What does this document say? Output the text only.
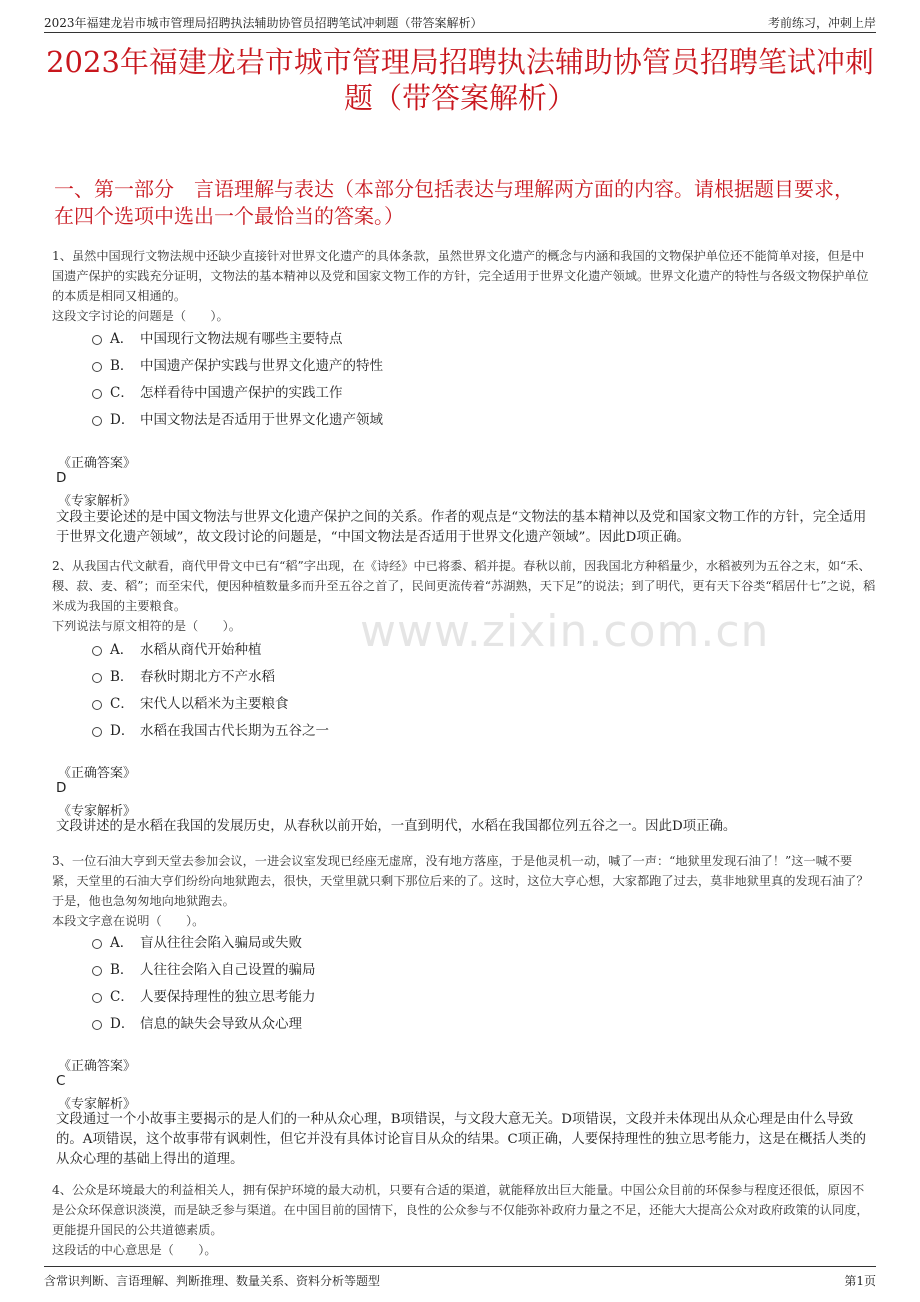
2023年福建龙岩市城市管理局招聘执法辅助协管员招聘笔试冲刺题（带答案解析）	考前练习，冲刺上岸
2023年福建龙岩市城市管理局招聘执法辅助协管员招聘笔试冲刺题（带答案解析）
一、第一部分　言语理解与表达（本部分包括表达与理解两方面的内容。请根据题目要求，在四个选项中选出一个最恰当的答案。）
www.zixin.com.cn

1、虽然中国现行文物法规中还缺少直接针对世界文化遗产的具体条款，虽然世界文化遗产的概念与内涵和我国的文物保护单位还不能简单对接，但是中国遗产保护的实践充分证明，文物法的基本精神以及党和国家文物工作的方针，完全适用于世界文化遗产领域。世界文化遗产的特性与各级文物保护单位的本质是相同又相通的。
这段文字讨论的问题是（　　）。

A． 中国现行文物法规有哪些主要特点
B． 中国遗产保护实践与世界文化遗产的特性
C． 怎样看待中国遗产保护的实践工作
D． 中国文物法是否适用于世界文化遗产领域
《正确答案》
D
《专家解析》

文段主要论述的是中国文物法与世界文化遗产保护之间的关系。作者的观点是“文物法的基本精神以及党和国家文物工作的方针，完全适用于世界文化遗产领域”，故文段讨论的问题是，“中国文物法是否适用于世界文化遗产领域”。因此D项正确。

2、从我国古代文献看，商代甲骨文中已有“稻”字出现，在《诗经》中已将黍、稻并提。春秋以前，因我国北方种稻量少，水稻被列为五谷之末，如“禾、稷、菽、麦、稻”；而至宋代，便因种植数量多而升至五谷之首了，民间更流传着“苏湖熟，天下足”的说法；到了明代，更有天下谷类“稻居什七”之说，稻米成为我国的主要粮食。
下列说法与原文相符的是（　　）。

A． 水稻从商代开始种植
B． 春秋时期北方不产水稻
C． 宋代人以稻米为主要粮食
D． 水稻在我国古代长期为五谷之一
《正确答案》
D
《专家解析》

文段讲述的是水稻在我国的发展历史，从春秋以前开始，一直到明代，水稻在我国都位列五谷之一。因此D项正确。

3、一位石油大亨到天堂去参加会议，一进会议室发现已经座无虚席，没有地方落座，于是他灵机一动，喊了一声：“地狱里发现石油了！”这一喊不要紧，天堂里的石油大亨们纷纷向地狱跑去，很快，天堂里就只剩下那位后来的了。这时，这位大亨心想，大家都跑了过去，莫非地狱里真的发现石油了？于是，他也急匆匆地向地狱跑去。
本段文字意在说明（　　）。

A． 盲从往往会陷入骗局或失败
B． 人往往会陷入自己设置的骗局
C． 人要保持理性的独立思考能力
D． 信息的缺失会导致从众心理
《正确答案》
C
《专家解析》

文段通过一个小故事主要揭示的是人们的一种从众心理，B项错误，与文段大意无关。D项错误，文段并未体现出从众心理是由什么导致的。A项错误，这个故事带有讽刺性，但它并没有具体讨论盲目从众的结果。C项正确，人要保持理性的独立思考能力，这是在概括人类的从众心理的基础上得出的道理。

4、公众是环境最大的利益相关人，拥有保护环境的最大动机，只要有合适的渠道，就能释放出巨大能量。中国公众目前的环保参与程度还很低，原因不是公众环保意识淡漠，而是缺乏参与渠道。在中国目前的国情下，良性的公众参与不仅能弥补政府力量之不足，还能大大提高公众对政府政策的认同度，更能提升国民的公共道德素质。
这段话的中心意思是（　　）。

含常识判断、言语理解、判断推理、数量关系、资料分析等题型	第1页
